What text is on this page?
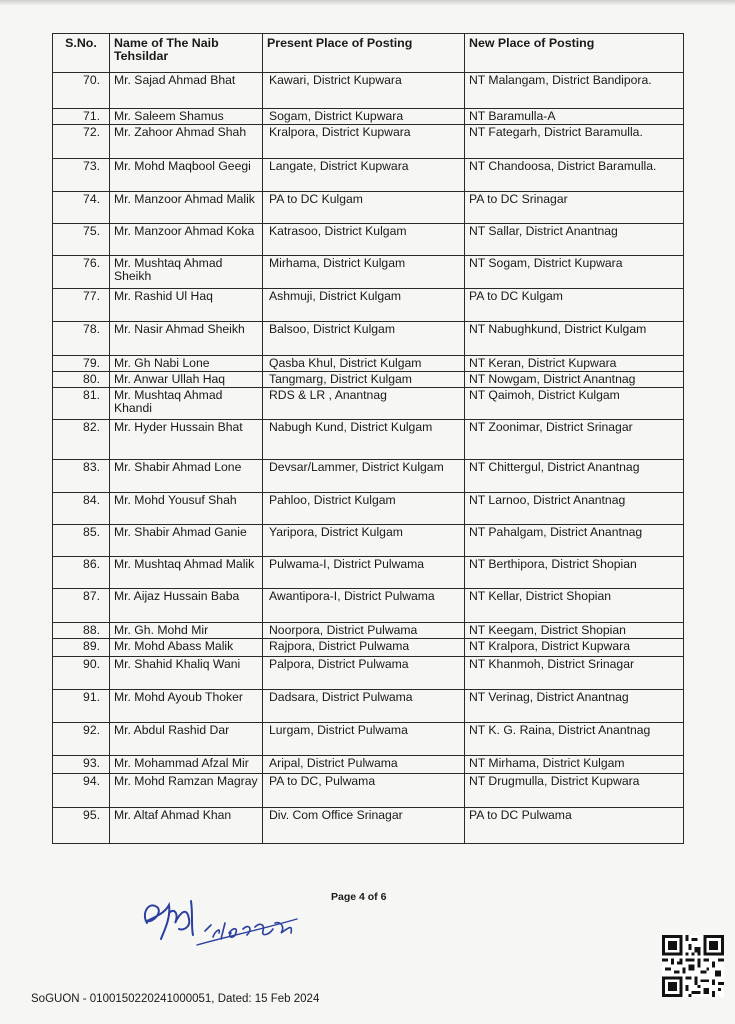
S.No.	Name of The Naib Tehsildar	Present Place of Posting	New Place of Posting
70.	Mr. Sajad Ahmad Bhat	Kawari, District Kupwara	NT Malangam, District Bandipora.
71.	Mr. Saleem Shamus	Sogam, District Kupwara	NT Baramulla-A
72.	Mr. Zahoor Ahmad Shah	Kralpora, District Kupwara	NT Fategarh, District Baramulla.
73.	Mr. Mohd Maqbool Geegi	Langate, District Kupwara	NT Chandoosa, District Baramulla.
74.	Mr. Manzoor Ahmad Malik	PA to DC Kulgam	PA to DC Srinagar
75.	Mr. Manzoor Ahmad Koka	Katrasoo, District Kulgam	NT Sallar, District Anantnag
76.	Mr. Mushtaq Ahmad Sheikh	Mirhama, District Kulgam	NT Sogam, District Kupwara
77.	Mr. Rashid Ul Haq	Ashmuji, District Kulgam	PA to DC Kulgam
78.	Mr. Nasir Ahmad Sheikh	Balsoo, District Kulgam	NT Nabughkund, District Kulgam
79.	Mr. Gh Nabi Lone	Qasba Khul, District Kulgam	NT Keran, District Kupwara
80.	Mr. Anwar Ullah Haq	Tangmarg, District Kulgam	NT Nowgam, District Anantnag
81.	Mr. Mushtaq Ahmad Khandi	RDS & LR , Anantnag	NT Qaimoh, District Kulgam
82.	Mr. Hyder Hussain Bhat	Nabugh Kund, District Kulgam	NT Zoonimar, District Srinagar
83.	Mr. Shabir Ahmad Lone	Devsar/Lammer, District Kulgam	NT Chittergul, District Anantnag
84.	Mr. Mohd Yousuf Shah	Pahloo, District Kulgam	NT Larnoo, District Anantnag
85.	Mr. Shabir Ahmad Ganie	Yaripora, District Kulgam	NT Pahalgam, District Anantnag
86.	Mr. Mushtaq Ahmad Malik	Pulwama-I, District Pulwama	NT Berthipora, District Shopian
87.	Mr. Aijaz Hussain Baba	Awantipora-I, District Pulwama	NT Kellar, District Shopian
88.	Mr. Gh. Mohd Mir	Noorpora, District Pulwama	NT Keegam, District Shopian
89.	Mr. Mohd Abass Malik	Rajpora, District Pulwama	NT Kralpora, District Kupwara
90.	Mr. Shahid Khaliq Wani	Palpora, District Pulwama	NT Khanmoh, District Srinagar
91.	Mr. Mohd Ayoub Thoker	Dadsara, District Pulwama	NT Verinag, District Anantnag
92.	Mr. Abdul Rashid Dar	Lurgam, District Pulwama	NT K. G. Raina, District Anantnag
93.	Mr. Mohammad Afzal Mir	Aripal, District Pulwama	NT Mirhama, District Kulgam
94.	Mr. Mohd Ramzan Magray	PA to DC, Pulwama	NT Drugmulla, District Kupwara
95.	Mr. Altaf Ahmad Khan	Div. Com Office Srinagar	PA to DC Pulwama
Page 4 of 6
SoGUON - 0100150220241000051, Dated: 15 Feb 2024
